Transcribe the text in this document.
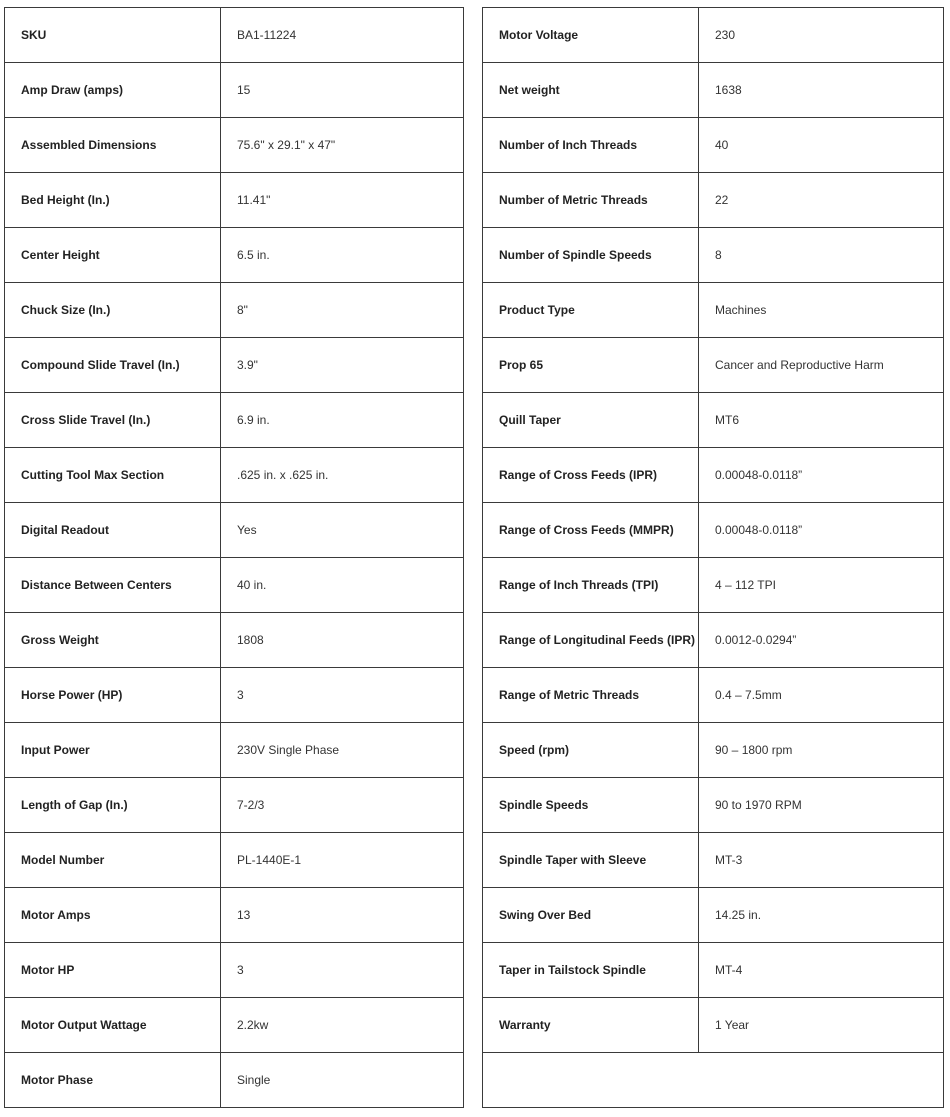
SKU	BA1-11224
Amp Draw (amps)	15
Assembled Dimensions	75.6" x 29.1" x 47"
Bed Height (In.)	11.41"
Center Height	6.5 in.
Chuck Size (In.)	8"
Compound Slide Travel (In.)	3.9"
Cross Slide Travel (In.)	6.9 in.
Cutting Tool Max Section	.625 in. x .625 in.
Digital Readout	Yes
Distance Between Centers	40 in.
Gross Weight	1808
Horse Power (HP)	3
Input Power	230V Single Phase
Length of Gap (In.)	7-2/3
Model Number	PL-1440E-1
Motor Amps	13
Motor HP	3
Motor Output Wattage	2.2kw
Motor Phase	Single
Motor Voltage	230
Net weight	1638
Number of Inch Threads	40
Number of Metric Threads	22
Number of Spindle Speeds	8
Product Type	Machines
Prop 65	Cancer and Reproductive Harm
Quill Taper	MT6
Range of Cross Feeds (IPR)	0.00048-0.0118”
Range of Cross Feeds (MMPR)	0.00048-0.0118”
Range of Inch Threads (TPI)	4 – 112 TPI
Range of Longitudinal Feeds (IPR)	0.0012-0.0294”
Range of Metric Threads	0.4 – 7.5mm
Speed (rpm)	90 – 1800 rpm
Spindle Speeds	90 to 1970 RPM
Spindle Taper with Sleeve	MT-3
Swing Over Bed	14.25 in.
Taper in Tailstock Spindle	MT-4
Warranty	1 Year
